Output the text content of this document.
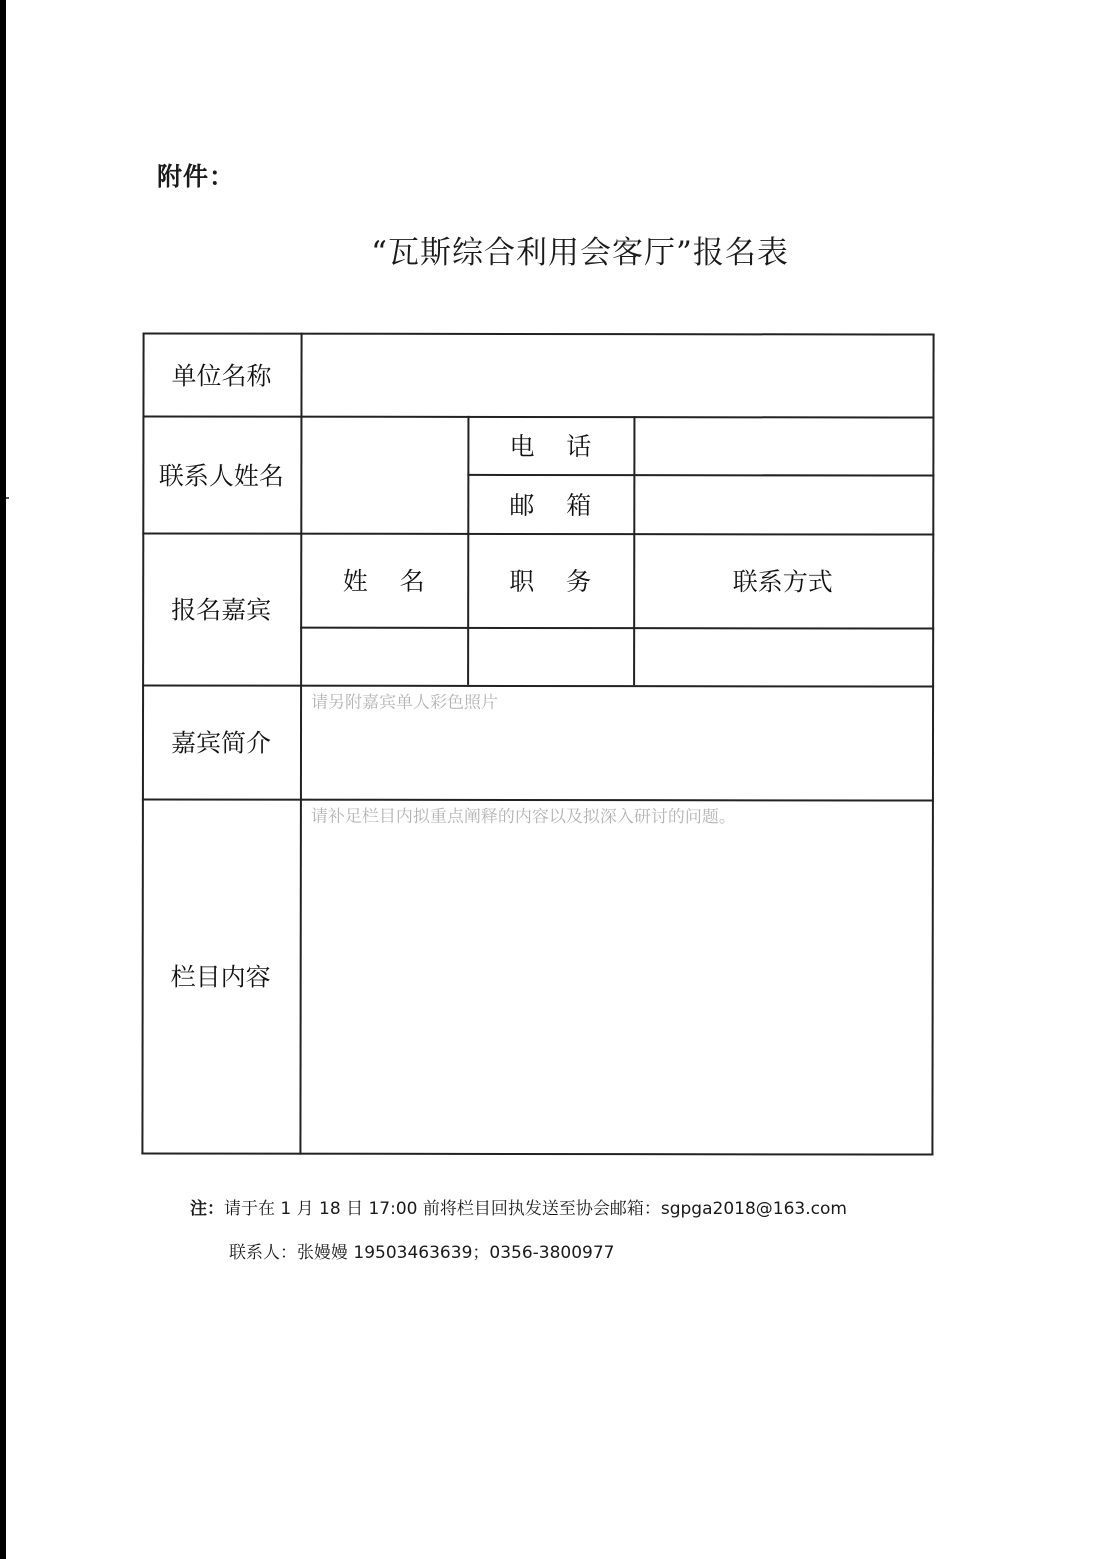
附件：
“瓦斯综合利用会客厅”报名表
单位名称
联系人姓名
电    话
邮    箱
报名嘉宾
姓    名	职    务	联系方式
嘉宾简介
请另附嘉宾单人彩色照片
栏目内容
请补足栏目内拟重点阐释的内容以及拟深入研讨的问题。
注：请于在 1 月 18 日 17:00 前将栏目回执发送至协会邮箱：sgpga2018@163.com
联系人：张嫚嫚 19503463639；0356-3800977
